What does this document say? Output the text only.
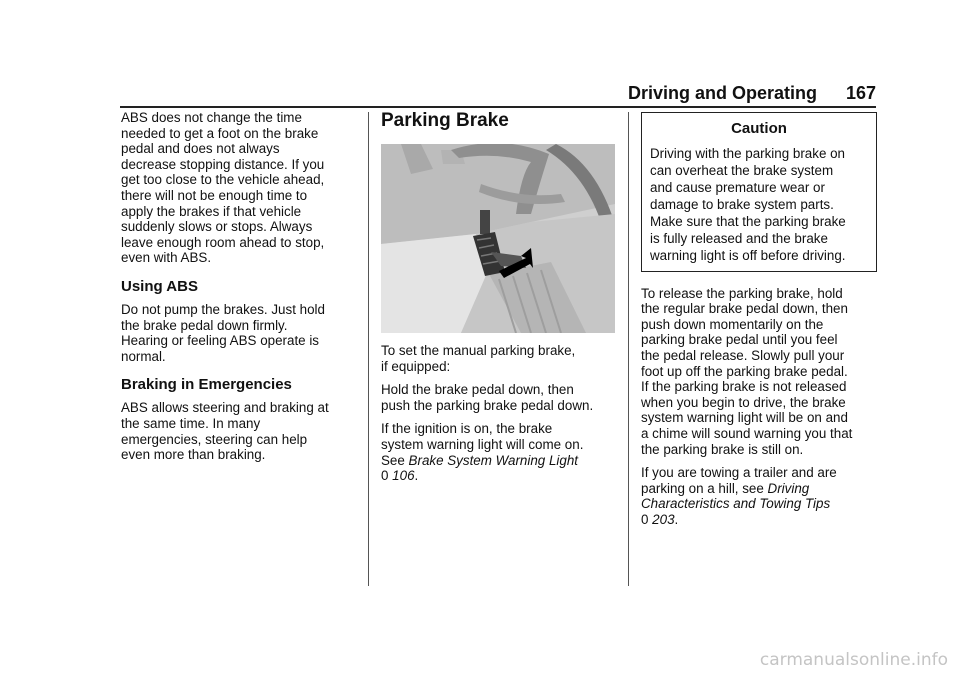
Driving and Operating 167

ABS does not change the time
needed to get a foot on the brake
pedal and does not always
decrease stopping distance. If you
get too close to the vehicle ahead,
there will not be enough time to
apply the brakes if that vehicle
suddenly slows or stops. Always
leave enough room ahead to stop,
even with ABS.

Using ABS

Do not pump the brakes. Just hold
the brake pedal down firmly.
Hearing or feeling ABS operate is
normal.

Braking in Emergencies

ABS allows steering and braking at
the same time. In many
emergencies, steering can help
even more than braking.

Parking Brake

To set the manual parking brake,
if equipped:

Hold the brake pedal down, then
push the parking brake pedal down.

If the ignition is on, the brake
system warning light will come on.
See Brake System Warning Light
0 106.

Caution

Driving with the parking brake on
can overheat the brake system
and cause premature wear or
damage to brake system parts.
Make sure that the parking brake
is fully released and the brake
warning light is off before driving.

To release the parking brake, hold
the regular brake pedal down, then
push down momentarily on the
parking brake pedal until you feel
the pedal release. Slowly pull your
foot up off the parking brake pedal.
If the parking brake is not released
when you begin to drive, the brake
system warning light will be on and
a chime will sound warning you that
the parking brake is still on.

If you are towing a trailer and are
parking on a hill, see Driving
Characteristics and Towing Tips
0 203.

carmanualsonline.info
